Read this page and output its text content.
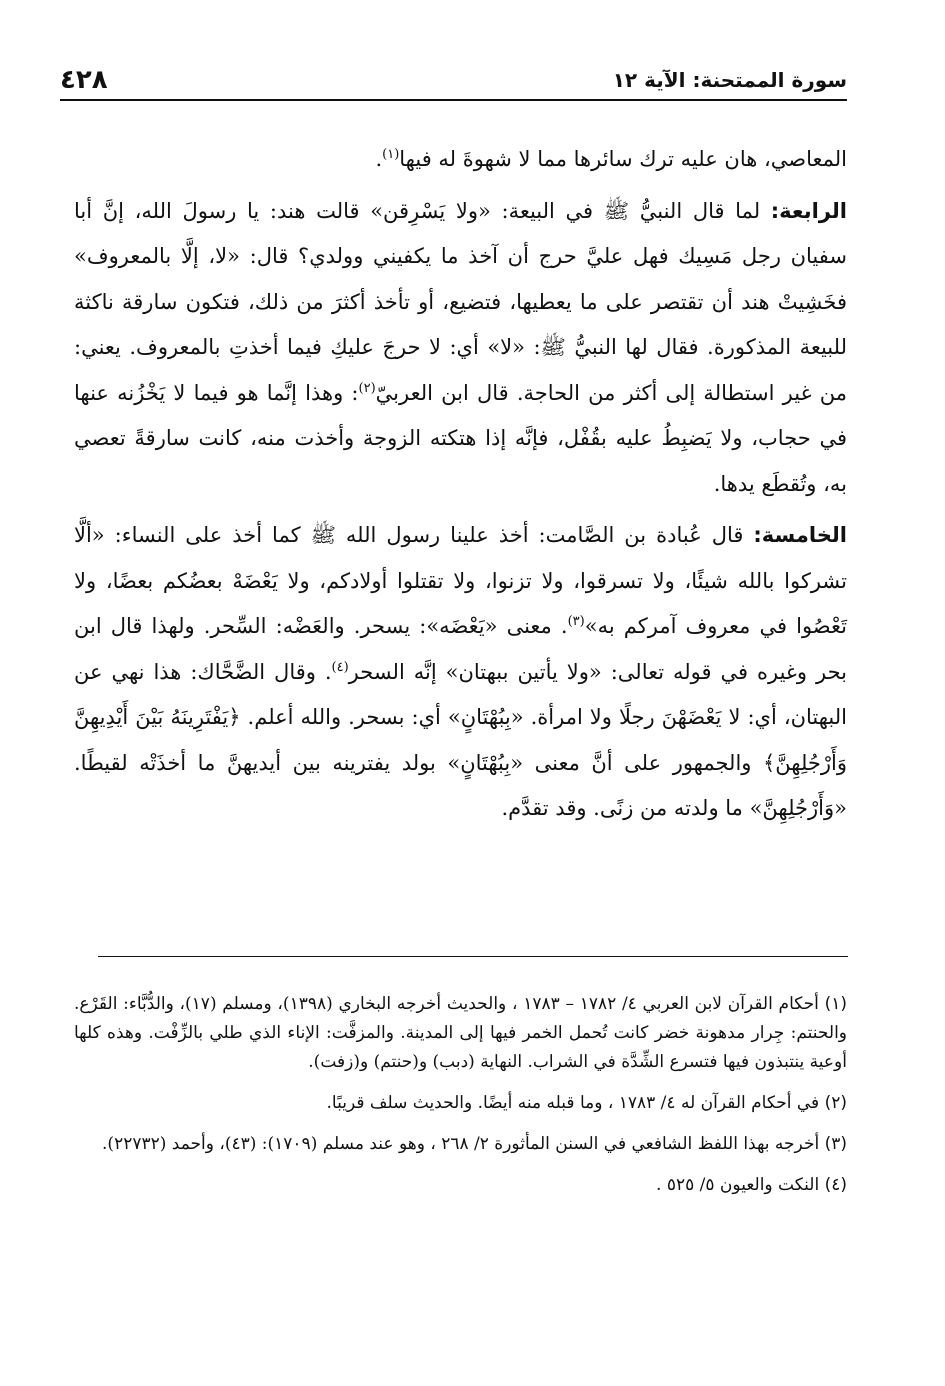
سورة الممتحنة: الآية ١٢
٤٢٨

المعاصي، هان عليه ترك سائرها مما لا شهوةَ له فيها$^{(١)}$.

الرابعة: لما قال النبيُّ ﷺ في البيعة: «ولا يَسْرِقن» قالت هند: يا رسولَ الله، إنَّ أبا سفيان رجل مَسِيك فهل عليَّ حرج أن آخذ ما يكفيني وولدي؟ قال: «لا، إلَّا بالمعروف» فخَشِيتْ هند أن تقتصر على ما يعطيها، فتضيع، أو تأخذ أكثرَ من ذلك، فتكون سارقة ناكثة للبيعة المذكورة. فقال لها النبيُّ ﷺ: «لا» أي: لا حرجَ عليكِ فيما أخذتِ بالمعروف. يعني: من غير استطالة إلى أكثر من الحاجة. قال ابن العربيّ$^{(٢)}$: وهذا إنَّما هو فيما لا يَخْزُنه عنها في حجاب، ولا يَضبِطُ عليه بقُفْل، فإنَّه إذا هتكته الزوجة وأخذت منه، كانت سارقةً تعصي به، وتُقطَع يدها.

الخامسة: قال عُبادة بن الصَّامت: أخذ علينا رسول الله ﷺ كما أخذ على النساء: «ألَّا تشركوا بالله شيئًا، ولا تسرقوا، ولا تزنوا، ولا تقتلوا أولادكم، ولا يَعْضَهْ بعضُكم بعضًا، ولا تَعْصُوا في معروف آمركم به»$^{(٣)}$. معنى «يَعْضَه»: يسحر. والعَضْه: السِّحر. ولهذا قال ابن بحر وغيره في قوله تعالى: «ولا يأتين ببهتان» إنَّه السحر$^{(٤)}$. وقال الضَّحَّاك: هذا نهي عن البهتان، أي: لا يَعْضَهْنَ رجلًا ولا امرأة. «بِبُهْتَانٍ» أي: بسحر. والله أعلم. ﴿يَفْتَرِينَهُ بَيْنَ أَيْدِيهِنَّ وَأَرْجُلِهِنَّ﴾ والجمهور على أنَّ معنى «بِبُهْتَانٍ» بولد يفترينه بين أيديهنَّ ما أخذَتْه لقيطًا. «وَأَرْجُلِهِنَّ» ما ولدته من زنًى. وقد تقدَّم.

(١) أحكام القرآن لابن العربي ٤/ ١٧٨٢ – ١٧٨٣ ، والحديث أخرجه البخاري (١٣٩٨)، ومسلم (١٧)، والدُّبَّاء: القَرْع. والحنتم: جِرار مدهونة خضر كانت تُحمل الخمر فيها إلى المدينة. والمزفَّت: الإناء الذي طلي بالزِّفْت. وهذه كلها أوعية ينتبذون فيها فتسرع الشِّدَّة في الشراب. النهاية (دبب) و(حنتم) و(زفت).

(٢) في أحكام القرآن له ٤/ ١٧٨٣ ، وما قبله منه أيضًا. والحديث سلف قريبًا.

(٣) أخرجه بهذا اللفظ الشافعي في السنن المأثورة ٢/ ٢٦٨ ، وهو عند مسلم (١٧٠٩): (٤٣)، وأحمد (٢٢٧٣٢).

(٤) النكت والعيون ٥/ ٥٢٥ .
